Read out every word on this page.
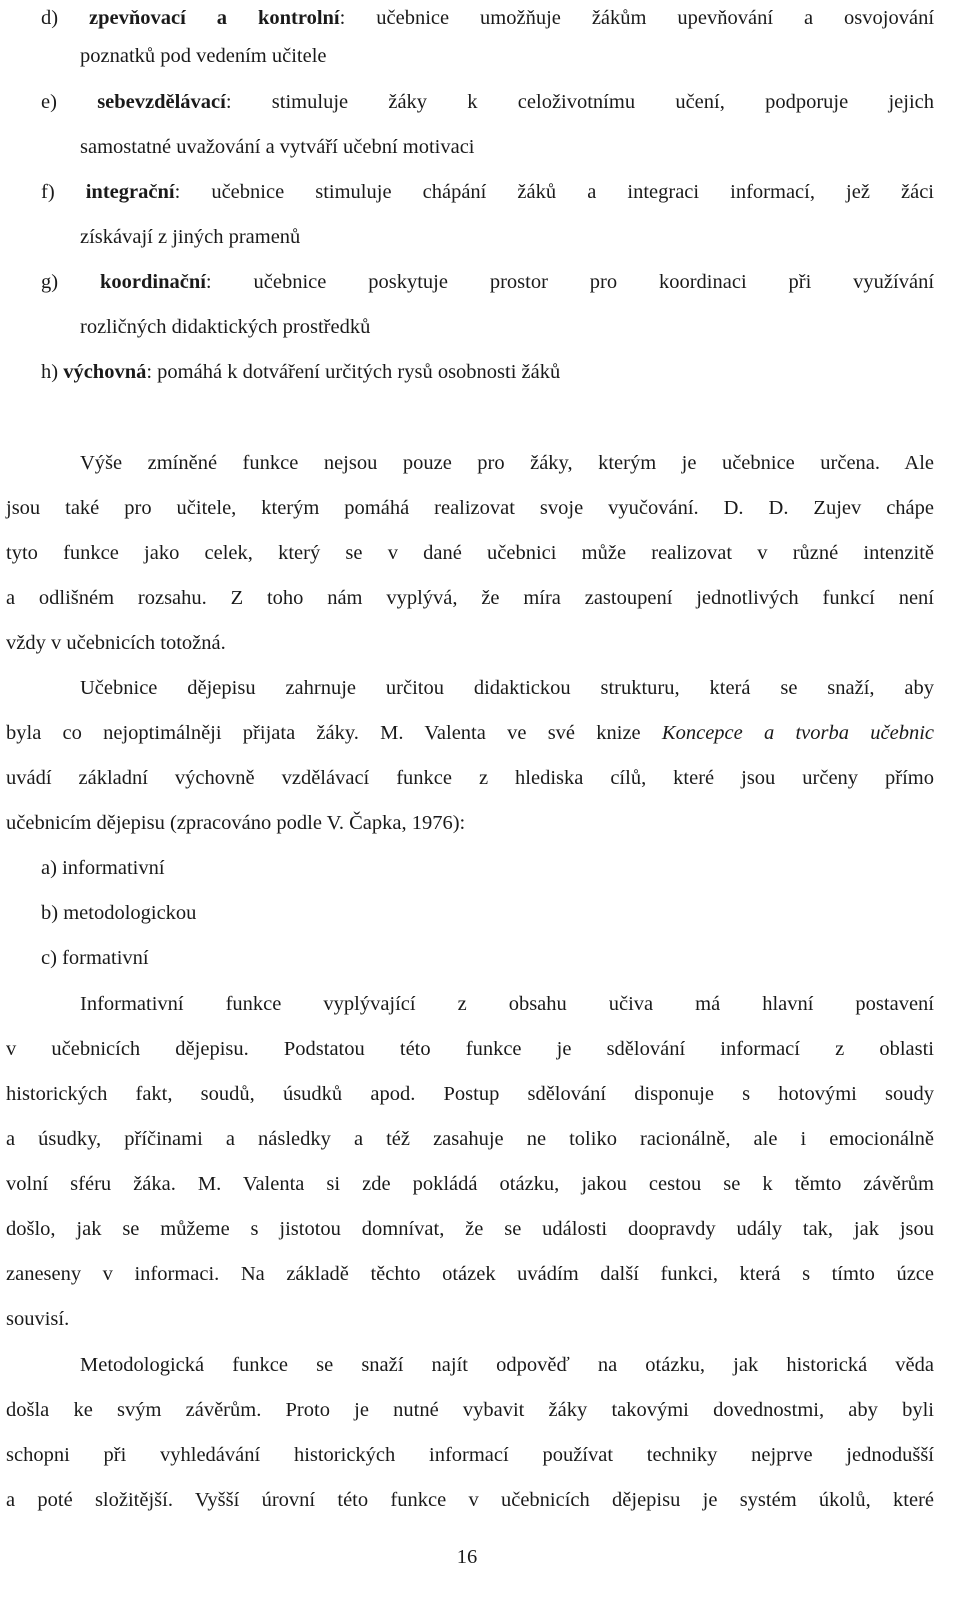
d) zpevňovací a kontrolní: učebnice umožňuje žákům upevňování a osvojování
poznatků pod vedením učitele
e) sebevzdělávací: stimuluje žáky k celoživotnímu učení, podporuje jejich
samostatné uvažování a vytváří učební motivaci
f) integrační: učebnice stimuluje chápání žáků a integraci informací, jež žáci
získávají z jiných pramenů
g) koordinační: učebnice poskytuje prostor pro koordinaci při využívání
rozličných didaktických prostředků
h) výchovná: pomáhá k dotváření určitých rysů osobnosti žáků
Výše zmíněné funkce nejsou pouze pro žáky, kterým je učebnice určena. Ale
jsou také pro učitele, kterým pomáhá realizovat svoje vyučování. D. D. Zujev chápe
tyto funkce jako celek, který se v dané učebnici může realizovat v různé intenzitě
a odlišném rozsahu. Z toho nám vyplývá, že míra zastoupení jednotlivých funkcí není
vždy v učebnicích totožná.
Učebnice dějepisu zahrnuje určitou didaktickou strukturu, která se snaží, aby
byla co nejoptimálněji přijata žáky. M. Valenta ve své knize Koncepce a tvorba učebnic
uvádí základní výchovně vzdělávací funkce z hlediska cílů, které jsou určeny přímo
učebnicím dějepisu (zpracováno podle V. Čapka, 1976):
a) informativní
b) metodologickou
c) formativní
Informativní funkce vyplývající z obsahu učiva má hlavní postavení
v učebnicích dějepisu. Podstatou této funkce je sdělování informací z oblasti
historických fakt, soudů, úsudků apod. Postup sdělování disponuje s hotovými soudy
a úsudky, příčinami a následky a též zasahuje ne toliko racionálně, ale i emocionálně
volní sféru žáka. M. Valenta si zde pokládá otázku, jakou cestou se k těmto závěrům
došlo, jak se můžeme s jistotou domnívat, že se události doopravdy udály tak, jak jsou
zaneseny v informaci. Na základě těchto otázek uvádím další funkci, která s tímto úzce
souvisí.
Metodologická funkce se snaží najít odpověď na otázku, jak historická věda
došla ke svým závěrům. Proto je nutné vybavit žáky takovými dovednostmi, aby byli
schopni při vyhledávání historických informací používat techniky nejprve jednodušší
a poté složitější. Vyšší úrovní této funkce v učebnicích dějepisu je systém úkolů, které
16
